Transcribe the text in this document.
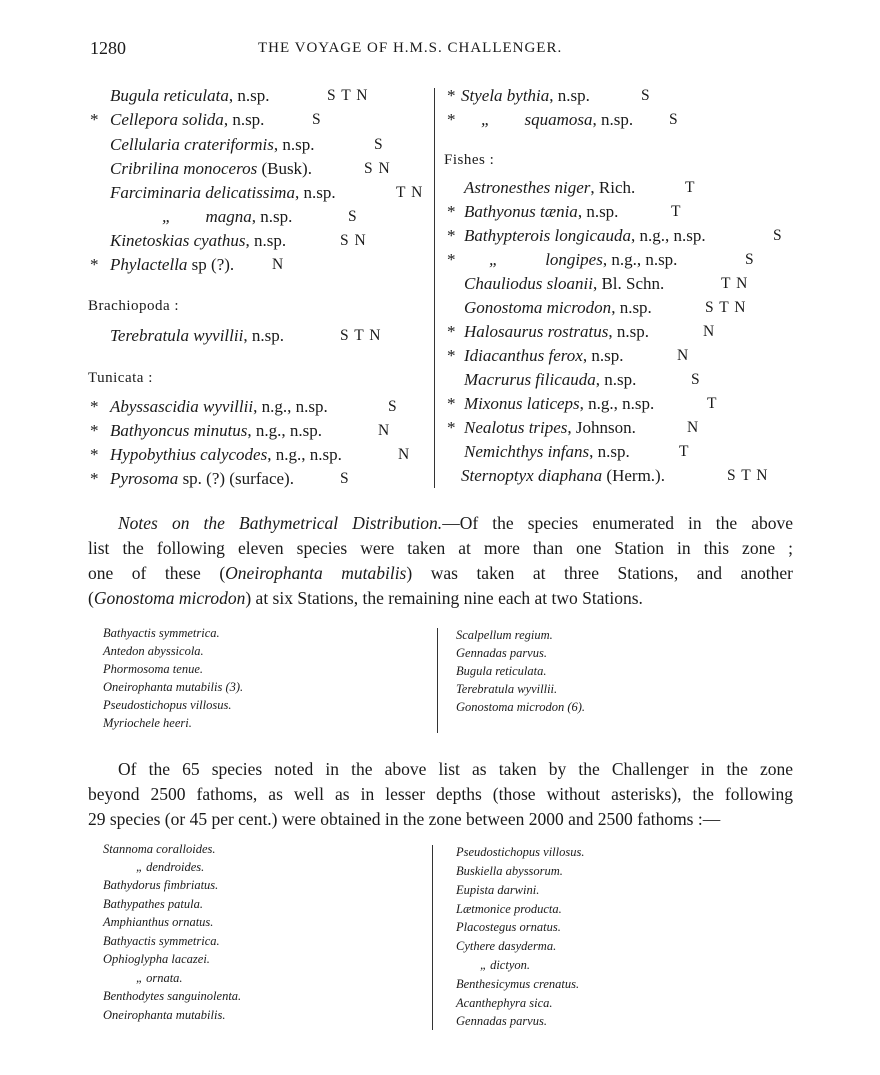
1280	THE VOYAGE OF H.M.S. CHALLENGER.
Bugula reticulata, n.sp.	S T N
* Cellepora solida, n.sp.	S
Cellularia crateriformis, n.sp.	S
Cribrilina monoceros (Busk).	S N
Farciminaria delicatissima, n.sp.	T N
„        magna, n.sp.	S
Kinetoskias cyathus, n.sp.	S N
* Phylactella sp (?). N
Brachiopoda :
Terebratula wyvillii, n.sp.	S T N
Tunicata :
* Abyssascidia wyvillii, n.g., n.sp.	S
* Bathyoncus minutus, n.g., n.sp.	N
* Hypobythius calycodes, n.g., n.sp.	N
* Pyrosoma sp. (?) (surface).	S
* Styela bythia, n.sp.	S
* „        squamosa, n.sp. S
Fishes :
Astronesthes niger, Rich.	T
* Bathyonus tænia, n.sp.	T
* Bathypterois longicauda, n.g., n.sp.	S
* „           longipes, n.g., n.sp.	S
Chauliodus sloanii, Bl. Schn.	T N
Gonostoma microdon, n.sp.	S T N
* Halosaurus rostratus, n.sp.	N
* Idiacanthus ferox, n.sp.	N
Macrurus filicauda, n.sp.	S
* Mixonus laticeps, n.g., n.sp.	T
* Nealotus tripes, Johnson.	N
Nemichthys infans, n.sp.	T
Sternoptyx diaphana (Herm.).	S T N
Notes on the Bathymetrical Distribution.—Of the species enumerated in the above
list the following eleven species were taken at more than one Station in this zone ;
one of these (Oneirophanta mutabilis) was taken at three Stations, and another
(Gonostoma microdon) at six Stations, the remaining nine each at two Stations.
Bathyactis symmetrica.
Antedon abyssicola.
Phormosoma tenue.
Oneirophanta mutabilis (3).
Pseudostichopus villosus.
Myriochele heeri.
Scalpellum regium.
Gennadas parvus.
Bugula reticulata.
Terebratula wyvillii.
Gonostoma microdon (6).
Of the 65 species noted in the above list as taken by the Challenger in the zone
beyond 2500 fathoms, as well as in lesser depths (those without asterisks), the following
29 species (or 45 per cent.) were obtained in the zone between 2000 and 2500 fathoms :—
Stannoma coralloides.
„ dendroides.
Bathydorus fimbriatus.
Bathypathes patula.
Amphianthus ornatus.
Bathyactis symmetrica.
Ophioglypha lacazei.
„ ornata.
Benthodytes sanguinolenta.
Oneirophanta mutabilis.
Pseudostichopus villosus.
Buskiella abyssorum.
Eupista darwini.
Lætmonice producta.
Placostegus ornatus.
Cythere dasyderma.
„ dictyon.
Benthesicymus crenatus.
Acanthephyra sica.
Gennadas parvus.
